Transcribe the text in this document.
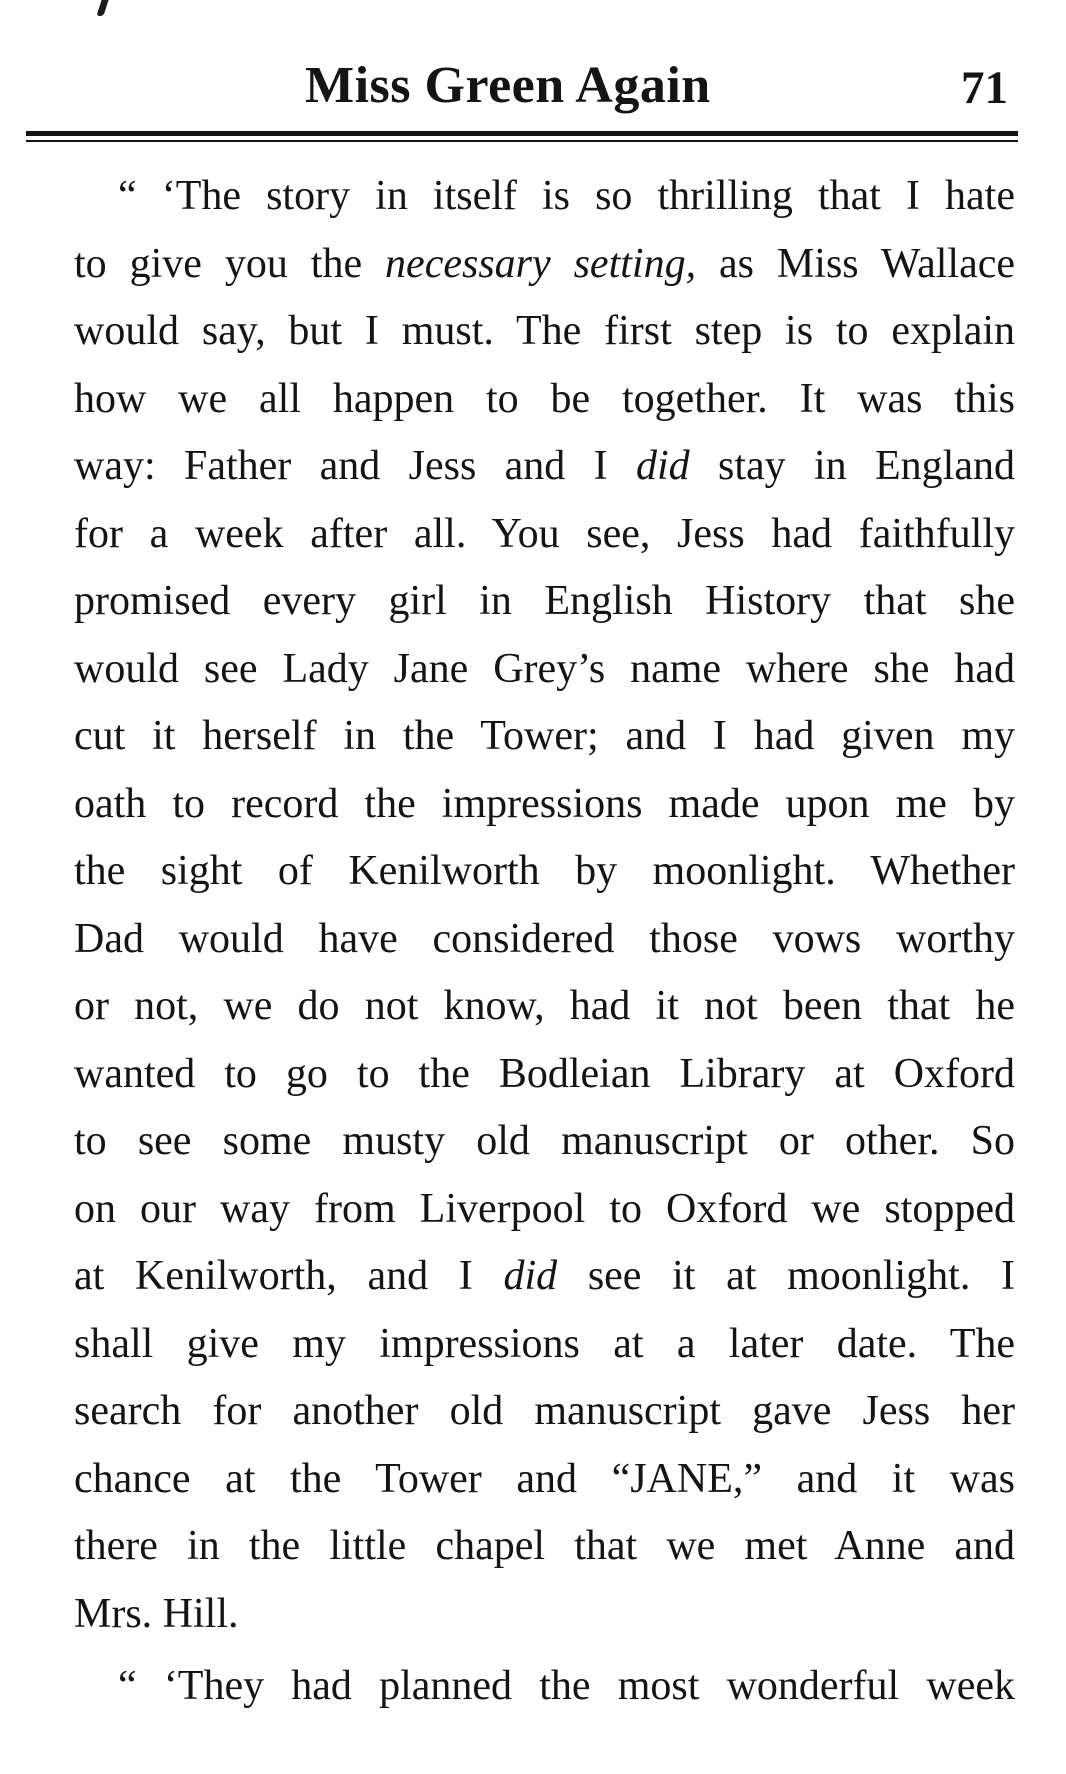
Miss Green Again	71
“ ‘The story in itself is so thrilling that I hate
to give you the necessary setting, as Miss Wallace
would say, but I must. The first step is to explain
how we all happen to be together. It was this
way: Father and Jess and I did stay in England
for a week after all. You see, Jess had faithfully
promised every girl in English History that she
would see Lady Jane Grey’s name where she had
cut it herself in the Tower; and I had given my
oath to record the impressions made upon me by
the sight of Kenilworth by moonlight. Whether
Dad would have considered those vows worthy
or not, we do not know, had it not been that he
wanted to go to the Bodleian Library at Oxford
to see some musty old manuscript or other. So
on our way from Liverpool to Oxford we stopped
at Kenilworth, and I did see it at moonlight. I
shall give my impressions at a later date. The
search for another old manuscript gave Jess her
chance at the Tower and “JANE,” and it was
there in the little chapel that we met Anne and
Mrs. Hill.
“ ‘They had planned the most wonderful week
